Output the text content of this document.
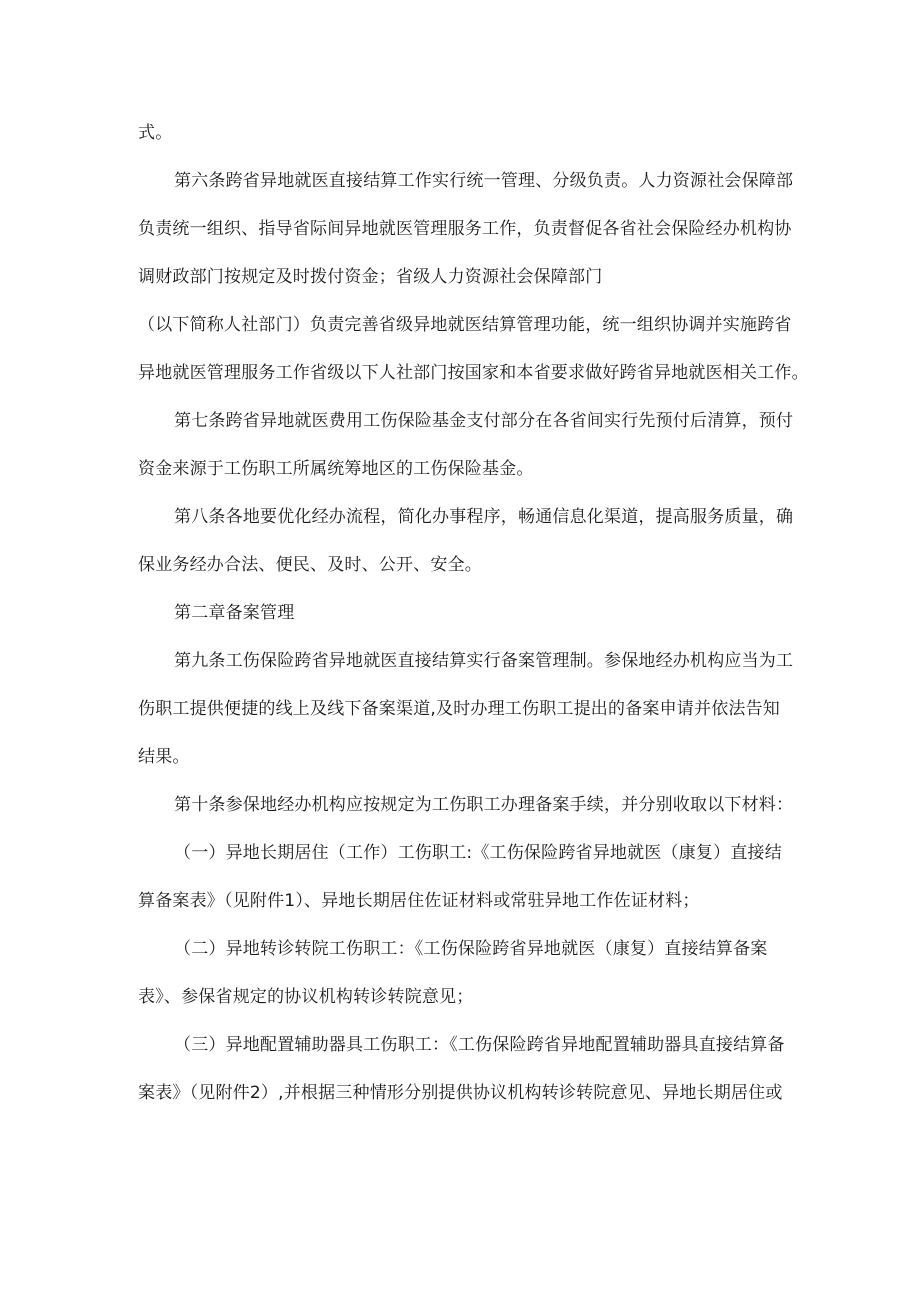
式。
第六条跨省异地就医直接结算工作实行统一管理、分级负责。人力资源社会保障部
负责统一组织、指导省际间异地就医管理服务工作，负责督促各省社会保险经办机构协
调财政部门按规定及时拨付资金；省级人力资源社会保障部门
（以下简称人社部门）负责完善省级异地就医结算管理功能，统一组织协调并实施跨省
异地就医管理服务工作省级以下人社部门按国家和本省要求做好跨省异地就医相关工作。
第七条跨省异地就医费用工伤保险基金支付部分在各省间实行先预付后清算，预付
资金来源于工伤职工所属统筹地区的工伤保险基金。
第八条各地要优化经办流程，简化办事程序，畅通信息化渠道，提高服务质量，确
保业务经办合法、便民、及时、公开、安全。
第二章备案管理
第九条工伤保险跨省异地就医直接结算实行备案管理制。参保地经办机构应当为工
伤职工提供便捷的线上及线下备案渠道,及时办理工伤职工提出的备案申请并依法告知
结果。
第十条参保地经办机构应按规定为工伤职工办理备案手续，并分别收取以下材料：
（一）异地长期居住（工作）工伤职工:《工伤保险跨省异地就医（康复）直接结
算备案表》（见附件1）、异地长期居住佐证材料或常驻异地工作佐证材料；
（二）异地转诊转院工伤职工：《工伤保险跨省异地就医（康复）直接结算备案
表》、参保省规定的协议机构转诊转院意见；
（三）异地配置辅助器具工伤职工：《工伤保险跨省异地配置辅助器具直接结算备
案表》（见附件2）,并根据三种情形分别提供协议机构转诊转院意见、异地长期居住或
